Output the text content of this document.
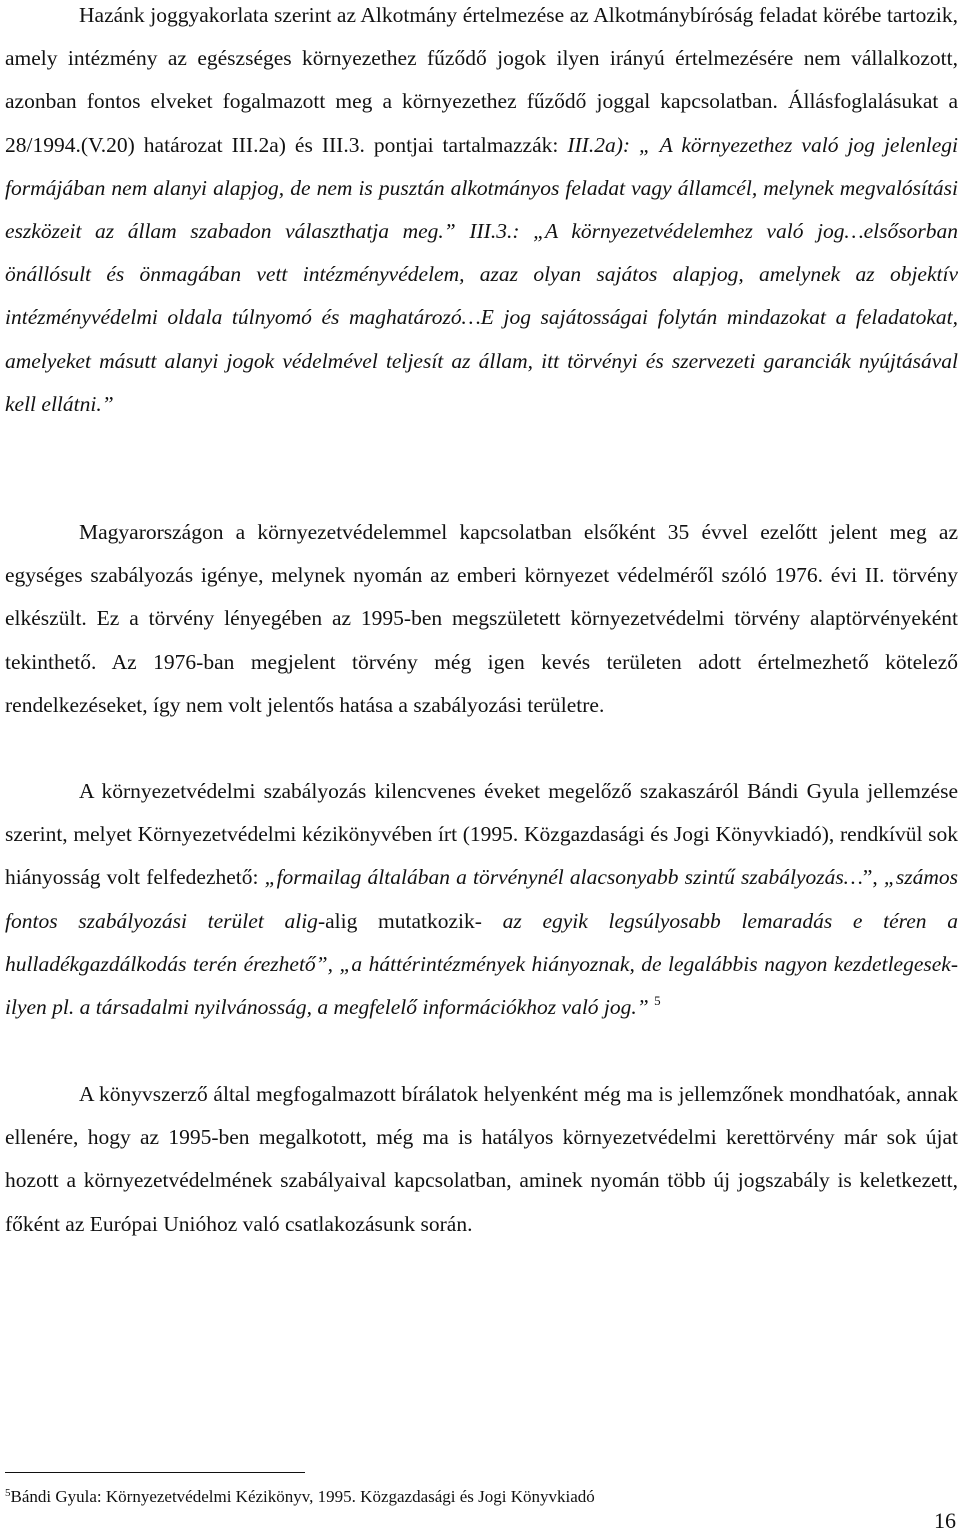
Hazánk joggyakorlata szerint az Alkotmány értelmezése az Alkotmánybíróság feladat körébe tartozik, amely intézmény az egészséges környezethez fűződő jogok ilyen irányú értelmezésére nem vállalkozott, azonban fontos elveket fogalmazott meg a környezethez fűződő joggal kapcsolatban. Állásfoglalásukat a 28/1994.(V.20) határozat III.2a) és III.3. pontjai tartalmazzák: III.2a): „ A környezethez való jog jelenlegi formájában nem alanyi alapjog, de nem is pusztán alkotmányos feladat vagy államcél, melynek megvalósítási eszközeit az állam szabadon választhatja meg.” III.3.: „A környezetvédelemhez való jog…elsősorban önállósult és önmagában vett intézményvédelem, azaz olyan sajátos alapjog, amelynek az objektív intézményvédelmi oldala túlnyomó és maghatározó…E jog sajátosságai folytán mindazokat a feladatokat, amelyeket másutt alanyi jogok védelmével teljesít az állam, itt törvényi és szervezeti garanciák nyújtásával kell ellátni.”

Magyarországon a környezetvédelemmel kapcsolatban elsőként 35 évvel ezelőtt jelent meg az egységes szabályozás igénye, melynek nyomán az emberi környezet védelméről szóló 1976. évi II. törvény elkészült. Ez a törvény lényegében az 1995-ben megszületett környezetvédelmi törvény alaptörvényeként tekinthető. Az 1976-ban megjelent törvény még igen kevés területen adott értelmezhető kötelező rendelkezéseket, így nem volt jelentős hatása a szabályozási területre.

A környezetvédelmi szabályozás kilencvenes éveket megelőző szakaszáról Bándi Gyula jellemzése szerint, melyet Környezetvédelmi kézikönyvében írt (1995. Közgazdasági és Jogi Könyvkiadó), rendkívül sok hiányosság volt felfedezhető: „formailag általában a törvénynél alacsonyabb szintű szabályozás…”, „számos fontos szabályozási terület alig-alig mutatkozik- az egyik legsúlyosabb lemaradás e téren a hulladékgazdálkodás terén érezhető”, „a háttérintézmények hiányoznak, de legalábbis nagyon kezdetlegesek- ilyen pl. a társadalmi nyilvánosság, a megfelelő információkhoz való jog.” $^5$

A könyvszerző által megfogalmazott bírálatok helyenként még ma is jellemzőnek mondhatóak, annak ellenére, hogy az 1995-ben megalkotott, még ma is hatályos környezetvédelmi kerettörvény már sok újat hozott a környezetvédelmének szabályaival kapcsolatban, aminek nyomán több új jogszabály is keletkezett, főként az Európai Unióhoz való csatlakozásunk során.

$^5$Bándi Gyula: Környezetvédelmi Kézikönyv, 1995. Közgazdasági és Jogi Könyvkiadó

16
